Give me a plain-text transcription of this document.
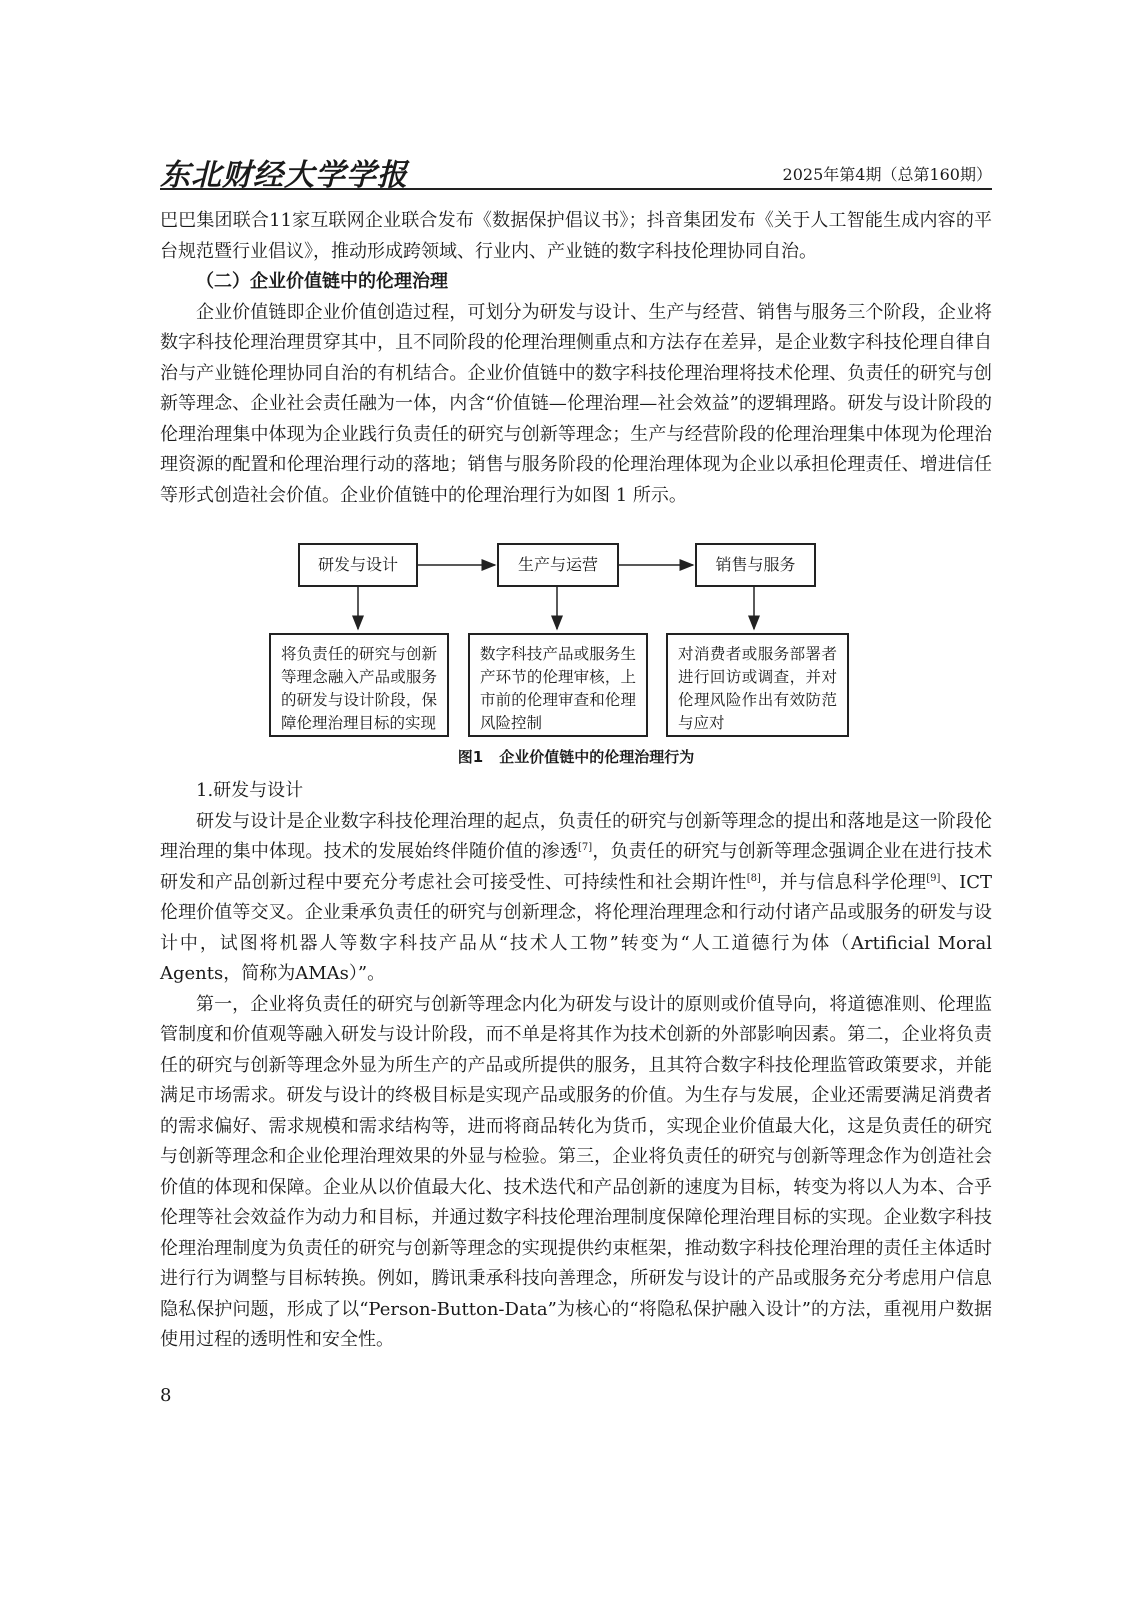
东北财经大学学报	2025年第4期（总第160期）

巴巴集团联合11家互联网企业联合发布《数据保护倡议书》；抖音集团发布《关于人工智能生成内容的平台规范暨行业倡议》，推动形成跨领域、行业内、产业链的数字科技伦理协同自治。

（二）企业价值链中的伦理治理

企业价值链即企业价值创造过程，可划分为研发与设计、生产与经营、销售与服务三个阶段，企业将数字科技伦理治理贯穿其中，且不同阶段的伦理治理侧重点和方法存在差异，是企业数字科技伦理自律自治与产业链伦理协同自治的有机结合。企业价值链中的数字科技伦理治理将技术伦理、负责任的研究与创新等理念、企业社会责任融为一体，内含“价值链—伦理治理—社会效益”的逻辑理路。研发与设计阶段的伦理治理集中体现为企业践行负责任的研究与创新等理念；生产与经营阶段的伦理治理集中体现为伦理治理资源的配置和伦理治理行动的落地；销售与服务阶段的伦理治理体现为企业以承担伦理责任、增进信任等形式创造社会价值。企业价值链中的伦理治理行为如图 1 所示。

研发与设计	生产与运营	销售与服务
将负责任的研究与创新等理念融入产品或服务的研发与设计阶段，保障伦理治理目标的实现
数字科技产品或服务生产环节的伦理审核，上市前的伦理审查和伦理风险控制
对消费者或服务部署者进行回访或调查，并对伦理风险作出有效防范与应对
图1 企业价值链中的伦理治理行为

1.研发与设计

研发与设计是企业数字科技伦理治理的起点，负责任的研究与创新等理念的提出和落地是这一阶段伦理治理的集中体现。技术的发展始终伴随价值的渗透[7]，负责任的研究与创新等理念强调企业在进行技术研发和产品创新过程中要充分考虑社会可接受性、可持续性和社会期许性[8]，并与信息科学伦理[9]、ICT伦理价值等交叉。企业秉承负责任的研究与创新理念，将伦理治理理念和行动付诸产品或服务的研发与设计中，试图将机器人等数字科技产品从“技术人工物”转变为“人工道德行为体（Artificial Moral Agents，简称为AMAs）”。

第一，企业将负责任的研究与创新等理念内化为研发与设计的原则或价值导向，将道德准则、伦理监管制度和价值观等融入研发与设计阶段，而不单是将其作为技术创新的外部影响因素。第二，企业将负责任的研究与创新等理念外显为所生产的产品或所提供的服务，且其符合数字科技伦理监管政策要求，并能满足市场需求。研发与设计的终极目标是实现产品或服务的价值。为生存与发展，企业还需要满足消费者的需求偏好、需求规模和需求结构等，进而将商品转化为货币，实现企业价值最大化，这是负责任的研究与创新等理念和企业伦理治理效果的外显与检验。第三，企业将负责任的研究与创新等理念作为创造社会价值的体现和保障。企业从以价值最大化、技术迭代和产品创新的速度为目标，转变为将以人为本、合乎伦理等社会效益作为动力和目标，并通过数字科技伦理治理制度保障伦理治理目标的实现。企业数字科技伦理治理制度为负责任的研究与创新等理念的实现提供约束框架，推动数字科技伦理治理的责任主体适时进行行为调整与目标转换。例如，腾讯秉承科技向善理念，所研发与设计的产品或服务充分考虑用户信息隐私保护问题，形成了以“Person-Button-Data”为核心的“将隐私保护融入设计”的方法，重视用户数据使用过程的透明性和安全性。

8
